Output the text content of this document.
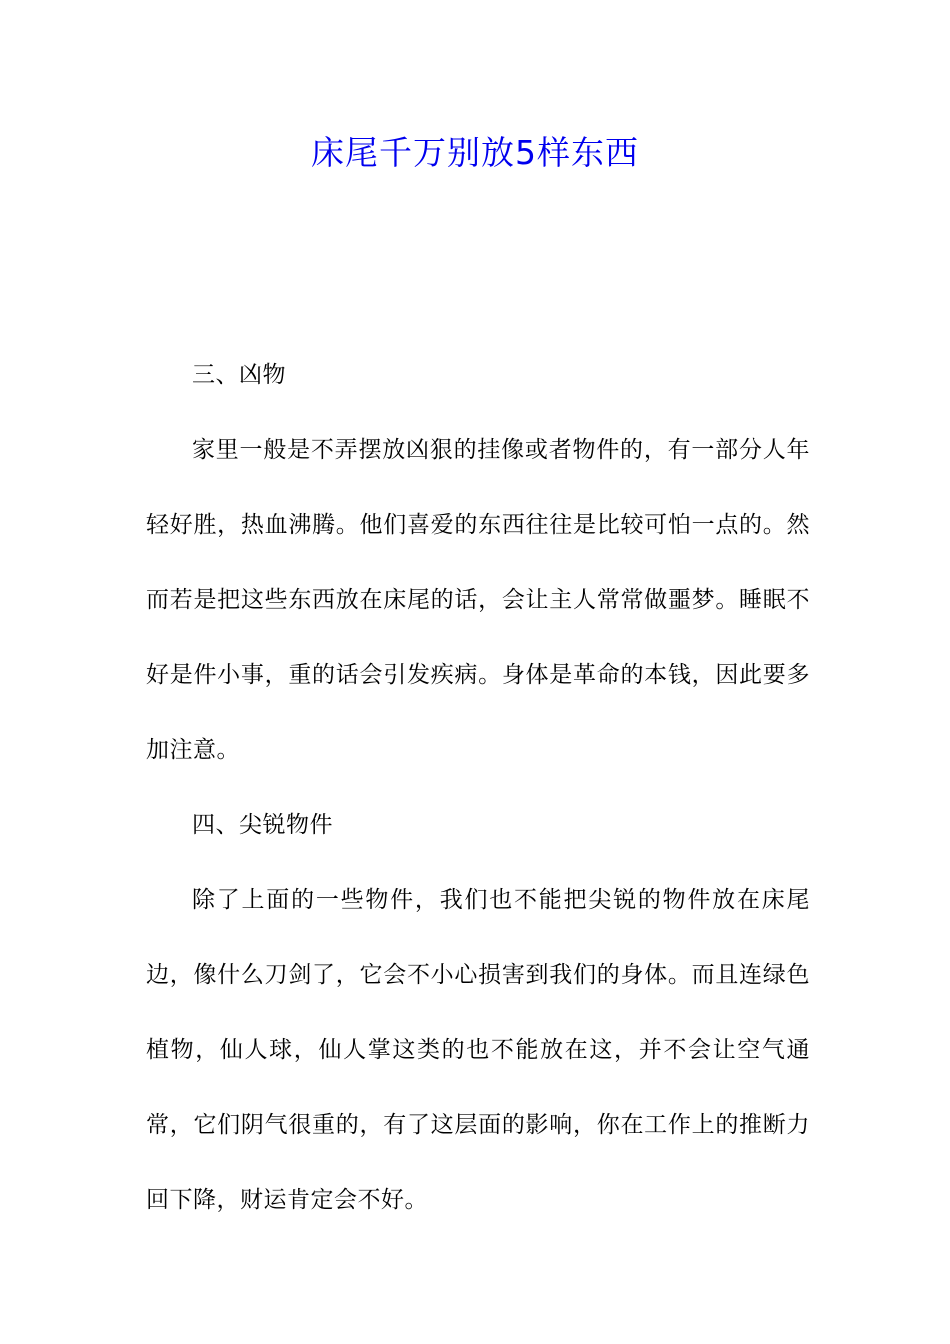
床尾千万别放5样东西

三、凶物

家里一般是不弄摆放凶狠的挂像或者物件的，有一部分人年轻好胜，热血沸腾。他们喜爱的东西往往是比较可怕一点的。然而若是把这些东西放在床尾的话，会让主人常常做噩梦。睡眠不好是件小事，重的话会引发疾病。身体是革命的本钱，因此要多加注意。

四、尖锐物件

除了上面的一些物件，我们也不能把尖锐的物件放在床尾边，像什么刀剑了，它会不小心损害到我们的身体。而且连绿色植物，仙人球，仙人掌这类的也不能放在这，并不会让空气通常，它们阴气很重的，有了这层面的影响，你在工作上的推断力回下降，财运肯定会不好。
